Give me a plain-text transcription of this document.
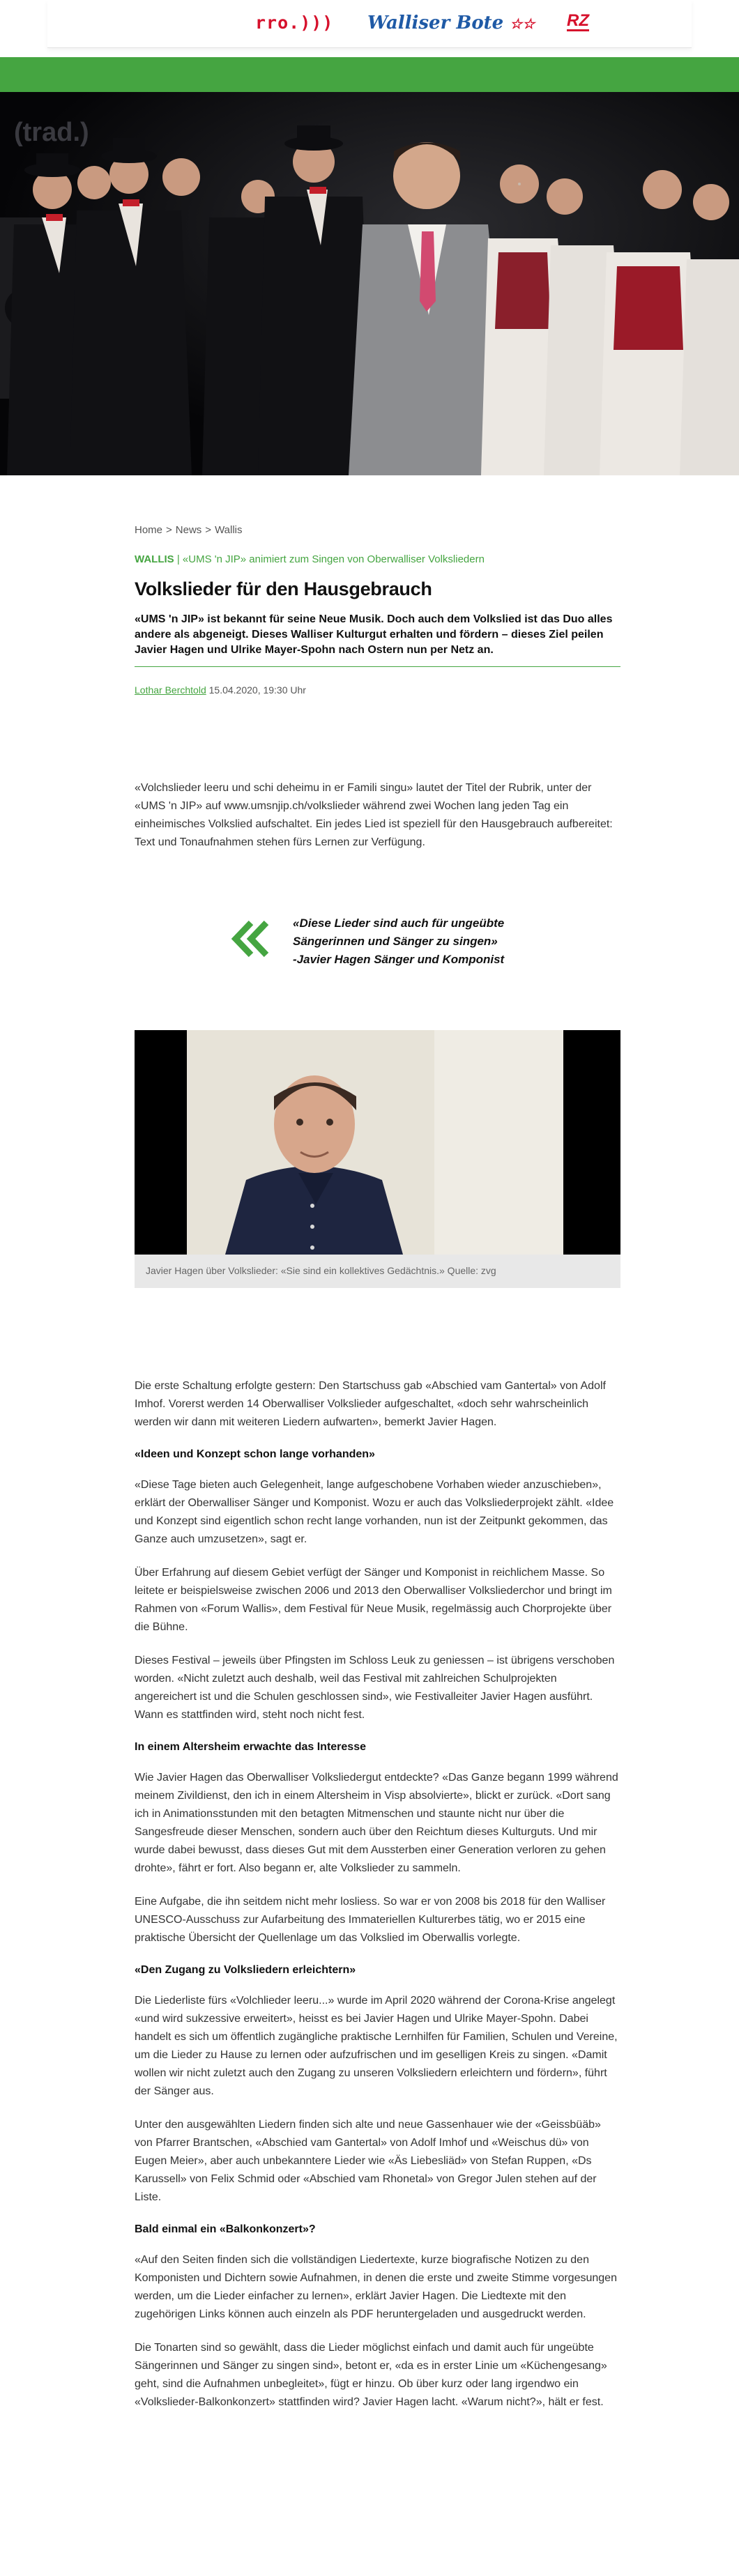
rro.))) Walliser Bote ☆☆ RZ
(trad.)
Home > News > Wallis
WALLIS | «UMS 'n JIP» animiert zum Singen von Oberwalliser Volksliedern
Volkslieder für den Hausgebrauch

«UMS 'n JIP» ist bekannt für seine Neue Musik. Doch auch dem Volkslied ist das Duo alles andere als abgeneigt. Dieses Walliser Kulturgut erhalten und fördern – dieses Ziel peilen Javier Hagen und Ulrike Mayer-Spohn nach Ostern nun per Netz an.

Lothar Berchtold 15.04.2020, 19:30 Uhr

«Volchslieder leeru und schi deheimu in er Famili singu» lautet der Titel der Rubrik, unter der «UMS 'n JIP» auf www.umsnjip.ch/volkslieder während zwei Wochen lang jeden Tag ein einheimisches Volkslied aufschaltet. Ein jedes Lied ist speziell für den Hausgebrauch aufbereitet: Text und Tonaufnahmen stehen fürs Lernen zur Verfügung.

«Diese Lieder sind auch für ungeübte Sängerinnen und Sänger zu singen»
-Javier Hagen Sänger und Komponist

Javier Hagen über Volkslieder: «Sie sind ein kollektives Gedächtnis.» Quelle: zvg

Die erste Schaltung erfolgte gestern: Den Startschuss gab «Abschied vam Gantertal» von Adolf Imhof. Vorerst werden 14 Oberwalliser Volkslieder aufgeschaltet, «doch sehr wahrscheinlich werden wir dann mit weiteren Liedern aufwarten», bemerkt Javier Hagen.

«Ideen und Konzept schon lange vorhanden»

«Diese Tage bieten auch Gelegenheit, lange aufgeschobene Vorhaben wieder anzuschieben», erklärt der Oberwalliser Sänger und Komponist. Wozu er auch das Volksliederprojekt zählt. «Idee und Konzept sind eigentlich schon recht lange vorhanden, nun ist der Zeitpunkt gekommen, das Ganze auch umzusetzen», sagt er.

Über Erfahrung auf diesem Gebiet verfügt der Sänger und Komponist in reichlichem Masse. So leitete er beispielsweise zwischen 2006 und 2013 den Oberwalliser Volksliederchor und bringt im Rahmen von «Forum Wallis», dem Festival für Neue Musik, regelmässig auch Chorprojekte über die Bühne.

Dieses Festival – jeweils über Pfingsten im Schloss Leuk zu geniessen – ist übrigens verschoben worden. «Nicht zuletzt auch deshalb, weil das Festival mit zahlreichen Schulprojekten angereichert ist und die Schulen geschlossen sind», wie Festivalleiter Javier Hagen ausführt. Wann es stattfinden wird, steht noch nicht fest.

In einem Altersheim erwachte das Interesse

Wie Javier Hagen das Oberwalliser Volksliedergut entdeckte? «Das Ganze begann 1999 während meinem Zivildienst, den ich in einem Altersheim in Visp absolvierte», blickt er zurück. «Dort sang ich in Animationsstunden mit den betagten Mitmenschen und staunte nicht nur über die Sangesfreude dieser Menschen, sondern auch über den Reichtum dieses Kulturguts. Und mir wurde dabei bewusst, dass dieses Gut mit dem Aussterben einer Generation verloren zu gehen drohte», fährt er fort. Also begann er, alte Volkslieder zu sammeln.

Eine Aufgabe, die ihn seitdem nicht mehr losliess. So war er von 2008 bis 2018 für den Walliser UNESCO-Ausschuss zur Aufarbeitung des Immateriellen Kulturerbes tätig, wo er 2015 eine praktische Übersicht der Quellenlage um das Volkslied im Oberwallis vorlegte.

«Den Zugang zu Volksliedern erleichtern»

Die Liederliste fürs «Volchlieder leeru...» wurde im April 2020 während der Corona-Krise angelegt «und wird sukzessive erweitert», heisst es bei Javier Hagen und Ulrike Mayer-Spohn. Dabei handelt es sich um öffentlich zugängliche praktische Lernhilfen für Familien, Schulen und Vereine, um die Lieder zu Hause zu lernen oder aufzufrischen und im geselligen Kreis zu singen. «Damit wollen wir nicht zuletzt auch den Zugang zu unseren Volksliedern erleichtern und fördern», führt der Sänger aus.

Unter den ausgewählten Liedern finden sich alte und neue Gassenhauer wie der «Geissbüäb» von Pfarrer Brantschen, «Abschied vam Gantertal» von Adolf Imhof und «Weischus dü» von Eugen Meier», aber auch unbekanntere Lieder wie «Äs Liebesliäd» von Stefan Ruppen, «Ds Karussell» von Felix Schmid oder «Abschied vam Rhonetal» von Gregor Julen stehen auf der Liste.

Bald einmal ein «Balkonkonzert»?

«Auf den Seiten finden sich die vollständigen Liedertexte, kurze biografische Notizen zu den Komponisten und Dichtern sowie Aufnahmen, in denen die erste und zweite Stimme vorgesungen werden, um die Lieder einfacher zu lernen», erklärt Javier Hagen. Die Liedtexte mit den zugehörigen Links können auch einzeln als PDF heruntergeladen und ausgedruckt werden.

Die Tonarten sind so gewählt, dass die Lieder möglichst einfach und damit auch für ungeübte Sängerinnen und Sänger zu singen sind», betont er, «da es in erster Linie um «Küchengesang» geht, sind die Aufnahmen unbegleitet», fügt er hinzu. Ob über kurz oder lang irgendwo ein «Volkslieder-Balkonkonzert» stattfinden wird? Javier Hagen lacht. «Warum nicht?», hält er fest.
